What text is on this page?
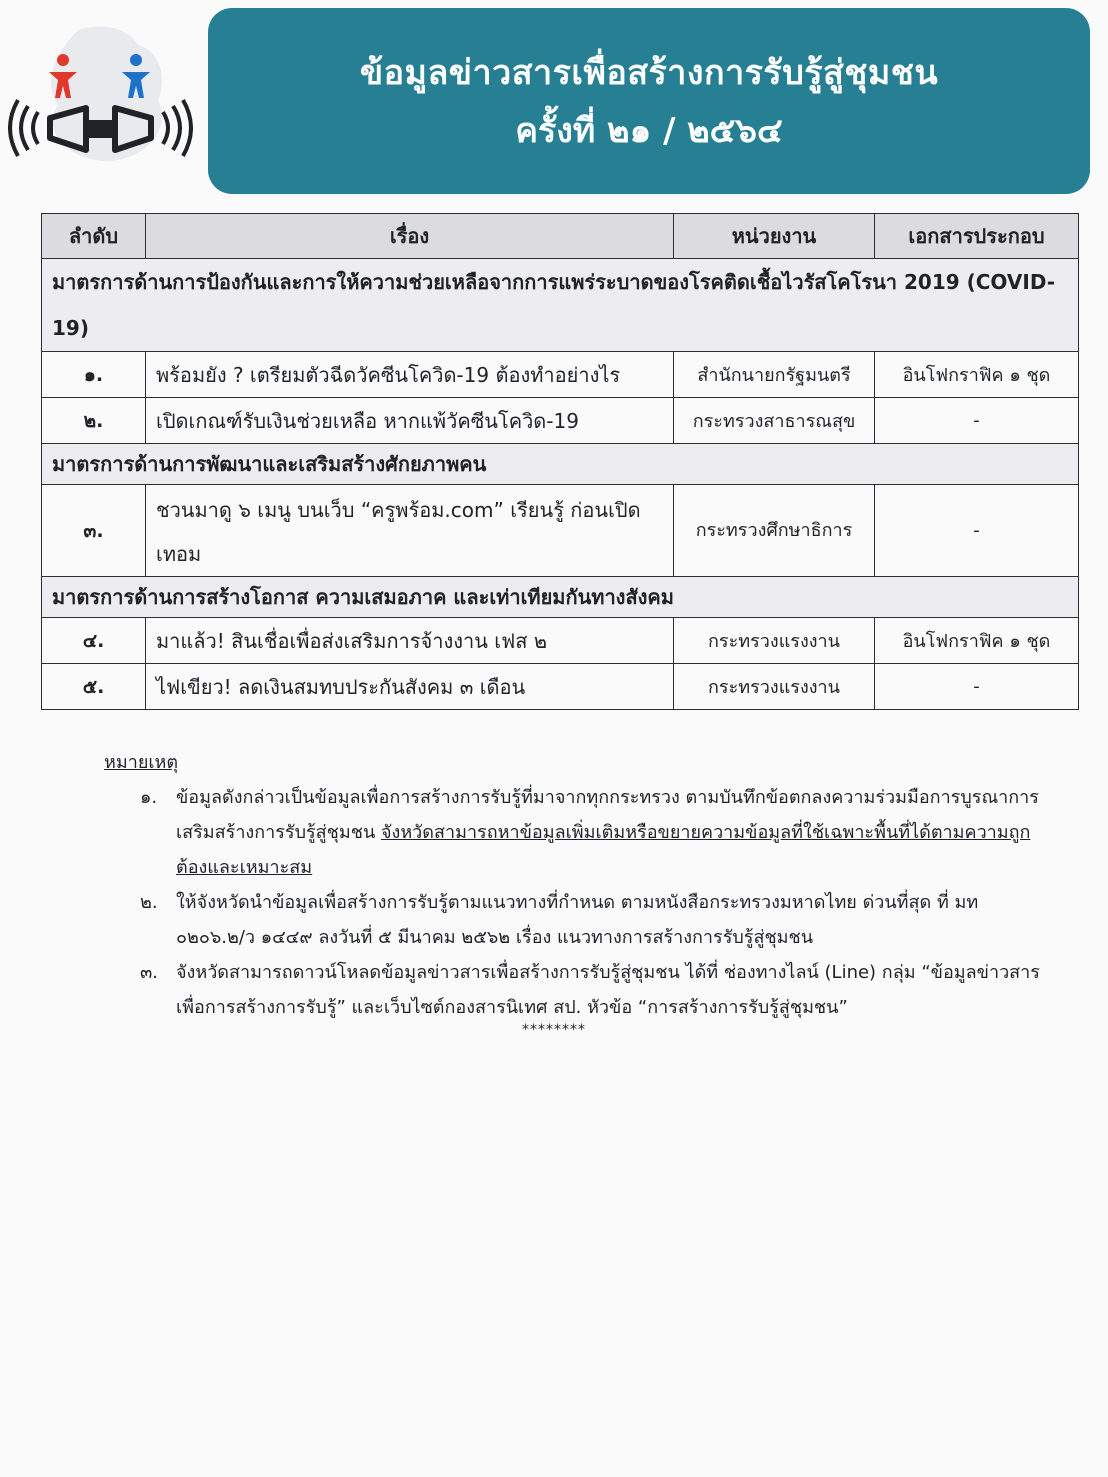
ข้อมูลข่าวสารเพื่อสร้างการรับรู้สู่ชุมชน
ครั้งที่ ๒๑ / ๒๕๖๔
ลำดับ	เรื่อง	หน่วยงาน	เอกสารประกอบ
มาตรการด้านการป้องกันและการให้ความช่วยเหลือจากการแพร่ระบาดของโรคติดเชื้อไวรัสโคโรนา 2019 (COVID-19)			
๑.	พร้อมยัง ? เตรียมตัวฉีดวัคซีนโควิด-19 ต้องทำอย่างไร	สำนักนายกรัฐมนตรี	อินโฟกราฟิค ๑ ชุด
๒.	เปิดเกณฑ์รับเงินช่วยเหลือ หากแพ้วัคซีนโควิด-19	กระทรวงสาธารณสุข	-
มาตรการด้านการพัฒนาและเสริมสร้างศักยภาพคน			
๓.	ชวนมาดู ๖ เมนู บนเว็บ “ครูพร้อม.com” เรียนรู้ ก่อนเปิดเทอม	กระทรวงศึกษาธิการ	-
มาตรการด้านการสร้างโอกาส ความเสมอภาค และเท่าเทียมกันทางสังคม			
๔.	มาแล้ว! สินเชื่อเพื่อส่งเสริมการจ้างงาน เฟส ๒	กระทรวงแรงงาน	อินโฟกราฟิค ๑ ชุด
๕.	ไฟเขียว! ลดเงินสมทบประกันสังคม ๓ เดือน	กระทรวงแรงงาน	-
หมายเหตุ
๑. ข้อมูลดังกล่าวเป็นข้อมูลเพื่อการสร้างการรับรู้ที่มาจากทุกกระทรวง ตามบันทึกข้อตกลงความร่วมมือการบูรณาการเสริมสร้างการรับรู้สู่ชุมชน จังหวัดสามารถหาข้อมูลเพิ่มเติมหรือขยายความข้อมูลที่ใช้เฉพาะพื้นที่ได้ตามความถูกต้องและเหมาะสม
๒. ให้จังหวัดนำข้อมูลเพื่อสร้างการรับรู้ตามแนวทางที่กำหนด ตามหนังสือกระทรวงมหาดไทย ด่วนที่สุด ที่ มท ๐๒๐๖.๒/ว ๑๔๔๙ ลงวันที่ ๕ มีนาคม ๒๕๖๒ เรื่อง แนวทางการสร้างการรับรู้สู่ชุมชน
๓. จังหวัดสามารถดาวน์โหลดข้อมูลข่าวสารเพื่อสร้างการรับรู้สู่ชุมชน ได้ที่ ช่องทางไลน์ (Line) กลุ่ม “ข้อมูลข่าวสารเพื่อการสร้างการรับรู้” และเว็บไซต์กองสารนิเทศ สป. หัวข้อ “การสร้างการรับรู้สู่ชุมชน”
********
